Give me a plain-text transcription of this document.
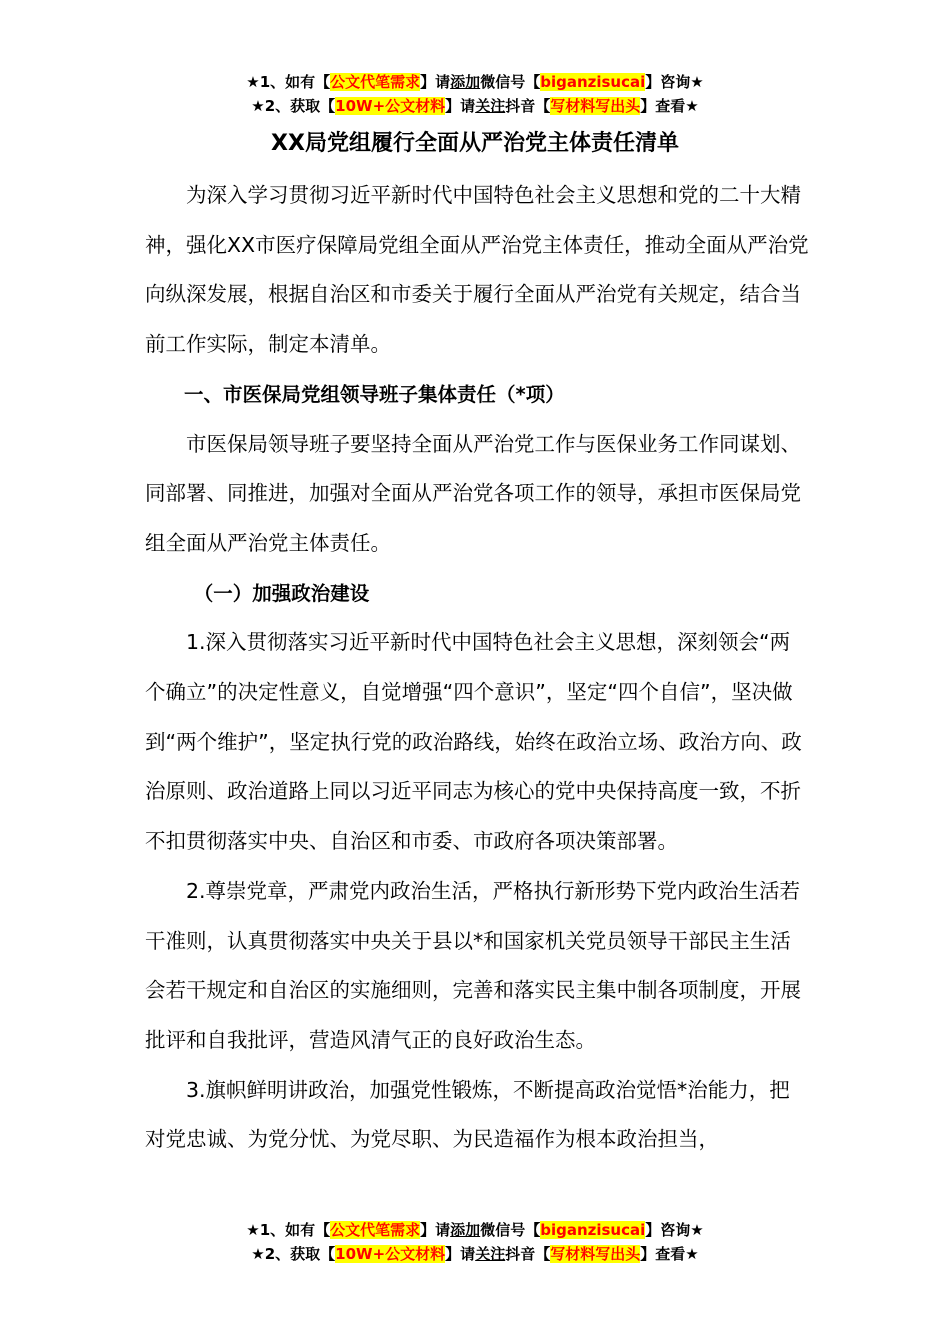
★1、如有【公文代笔需求】请添加微信号【biganzisucai】咨询★
★2、获取【10W+公文材料】请关注抖音【写材料写出头】查看★
XX局党组履行全面从严治党主体责任清单

为深入学习贯彻习近平新时代中国特色社会主义思想和党的二十大精神，强化XX市医疗保障局党组全面从严治党主体责任，推动全面从严治党向纵深发展，根据自治区和市委关于履行全面从严治党有关规定，结合当前工作实际，制定本清单。

一、市医保局党组领导班子集体责任（*项）

市医保局领导班子要坚持全面从严治党工作与医保业务工作同谋划、同部署、同推进，加强对全面从严治党各项工作的领导，承担市医保局党组全面从严治党主体责任。

（一）加强政治建设

1.深入贯彻落实习近平新时代中国特色社会主义思想，深刻领会“两个确立”的决定性意义，自觉增强“四个意识”，坚定“四个自信”，坚决做到“两个维护”，坚定执行党的政治路线，始终在政治立场、政治方向、政治原则、政治道路上同以习近平同志为核心的党中央保持高度一致，不折不扣贯彻落实中央、自治区和市委、市政府各项决策部署。

2.尊崇党章，严肃党内政治生活，严格执行新形势下党内政治生活若干准则，认真贯彻落实中央关于县以*和国家机关党员领导干部民主生活会若干规定和自治区的实施细则，完善和落实民主集中制各项制度，开展批评和自我批评，营造风清气正的良好政治生态。

3.旗帜鲜明讲政治，加强党性锻炼，不断提高政治觉悟*治能力，把对党忠诚、为党分忧、为党尽职、为民造福作为根本政治担当，

★1、如有【公文代笔需求】请添加微信号【biganzisucai】咨询★
★2、获取【10W+公文材料】请关注抖音【写材料写出头】查看★
